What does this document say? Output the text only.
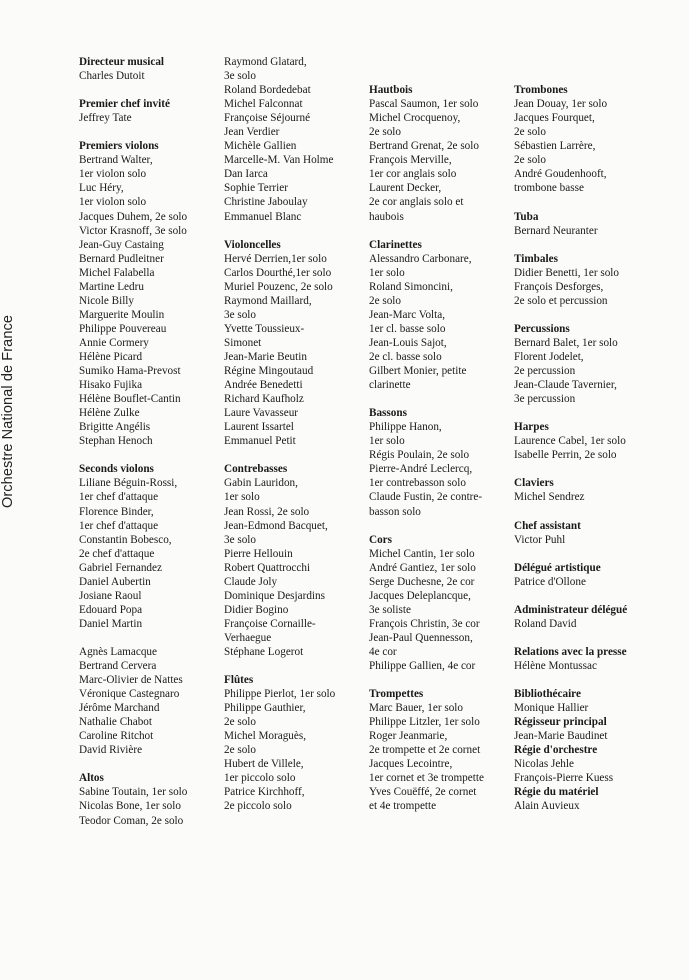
Orchestre National de France
Directeur musical
Charles Dutoit
Premier chef invité
Jeffrey Tate
Premiers violons
Bertrand Walter,
1er violon solo
Luc Héry,
1er violon solo
Jacques Duhem, 2e solo
Victor Krasnoff, 3e solo
Jean-Guy Castaing
Bernard Pudleitner
Michel Falabella
Martine Ledru
Nicole Billy
Marguerite Moulin
Philippe Pouvereau
Annie Cormery
Hélène Picard
Sumiko Hama-Prevost
Hisako Fujika
Hélène Bouflet-Cantin
Hélène Zulke
Brigitte Angélis
Stephan Henoch
Seconds violons
Liliane Béguin-Rossi,
1er chef d'attaque
Florence Binder,
1er chef d'attaque
Constantin Bobesco,
2e chef d'attaque
Gabriel Fernandez
Daniel Aubertin
Josiane Raoul
Edouard Popa
Daniel Martin
Agnès Lamacque
Bertrand Cervera
Marc-Olivier de Nattes
Véronique Castegnaro
Jérôme Marchand
Nathalie Chabot
Caroline Ritchot
David Rivière
Altos
Sabine Toutain, 1er solo
Nicolas Bone, 1er solo
Teodor Coman, 2e solo
Raymond Glatard,
3e solo
Roland Bordedebat
Michel Falconnat
Françoise Séjourné
Jean Verdier
Michèle Gallien
Marcelle-M. Van Holme
Dan Iarca
Sophie Terrier
Christine Jaboulay
Emmanuel Blanc
Violoncelles
Hervé Derrien,1er solo
Carlos Dourthé,1er solo
Muriel Pouzenc, 2e solo
Raymond Maillard,
3e solo
Yvette Toussieux-
Simonet
Jean-Marie Beutin
Régine Mingoutaud
Andrée Benedetti
Richard Kaufholz
Laure Vavasseur
Laurent Issartel
Emmanuel Petit
Contrebasses
Gabin Lauridon,
1er solo
Jean Rossi, 2e solo
Jean-Edmond Bacquet,
3e solo
Pierre Hellouin
Robert Quattrocchi
Claude Joly
Dominique Desjardins
Didier Bogino
Françoise Cornaille-
Verhaegue
Stéphane Logerot
Flûtes
Philippe Pierlot, 1er solo
Philippe Gauthier,
2e solo
Michel Moraguès,
2e solo
Hubert de Villele,
1er piccolo solo
Patrice Kirchhoff,
2e piccolo solo
Hautbois
Pascal Saumon, 1er solo
Michel Crocquenoy,
2e solo
Bertrand Grenat, 2e solo
François Merville,
1er cor anglais solo
Laurent Decker,
2e cor anglais solo et
haubois
Clarinettes
Alessandro Carbonare,
1er solo
Roland Simoncini,
2e solo
Jean-Marc Volta,
1er cl. basse solo
Jean-Louis Sajot,
2e cl. basse solo
Gilbert Monier, petite
clarinette
Bassons
Philippe Hanon,
1er solo
Régis Poulain, 2e solo
Pierre-André Leclercq,
1er contrebasson solo
Claude Fustin, 2e contre-
basson solo
Cors
Michel Cantin, 1er solo
André Gantiez, 1er solo
Serge Duchesne, 2e cor
Jacques Deleplancque,
3e soliste
François Christin, 3e cor
Jean-Paul Quennesson,
4e cor
Philippe Gallien, 4e cor
Trompettes
Marc Bauer, 1er solo
Philippe Litzler, 1er solo
Roger Jeanmarie,
2e trompette et 2e cornet
Jacques Lecointre,
1er cornet et 3e trompette
Yves Couëffé, 2e cornet
et 4e trompette
Trombones
Jean Douay, 1er solo
Jacques Fourquet,
2e solo
Sébastien Larrère,
2e solo
André Goudenhooft,
trombone basse
Tuba
Bernard Neuranter
Timbales
Didier Benetti, 1er solo
François Desforges,
2e solo et percussion
Percussions
Bernard Balet, 1er solo
Florent Jodelet,
2e percussion
Jean-Claude Tavernier,
3e percussion
Harpes
Laurence Cabel, 1er solo
Isabelle Perrin, 2e solo
Claviers
Michel Sendrez
Chef assistant
Victor Puhl
Délégué artistique
Patrice d'Ollone
Administrateur délégué
Roland David
Relations avec la presse
Hélène Montussac
Bibliothécaire
Monique Hallier
Régisseur principal
Jean-Marie Baudinet
Régie d'orchestre
Nicolas Jehle
François-Pierre Kuess
Régie du matériel
Alain Auvieux
